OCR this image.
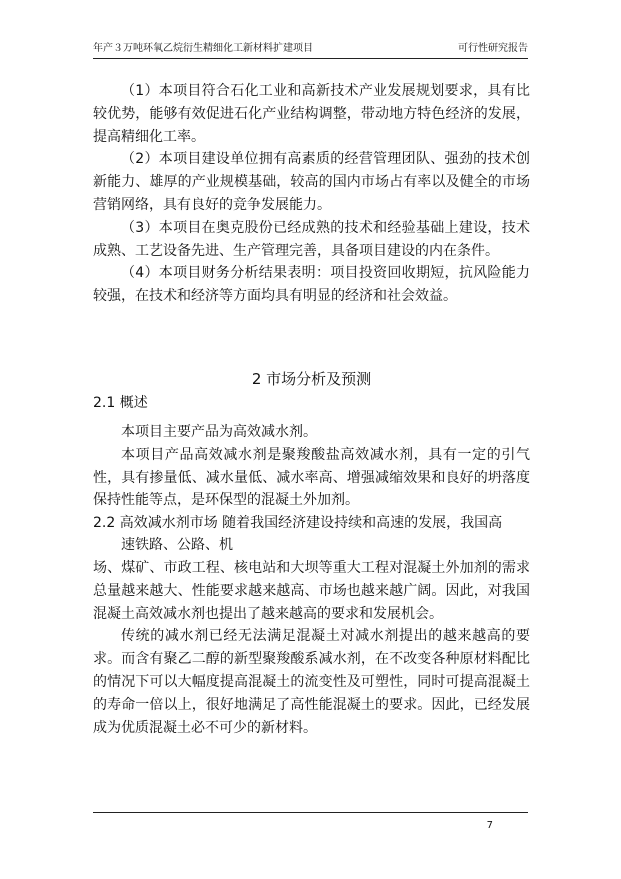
年产３万吨环氧乙烷衍生精细化工新材料扩建项目	可行性研究报告

（1）本项目符合石化工业和高新技术产业发展规划要求，具有比较优势，能够有效促进石化产业结构调整，带动地方特色经济的发展，提高精细化工率。

（2）本项目建设单位拥有高素质的经营管理团队、强劲的技术创新能力、雄厚的产业规模基础，较高的国内市场占有率以及健全的市场营销网络，具有良好的竞争发展能力。

（3）本项目在奥克股份已经成熟的技术和经验基础上建设，技术成熟、工艺设备先进、生产管理完善，具备项目建设的内在条件。

（4）本项目财务分析结果表明：项目投资回收期短，抗风险能力较强，在技术和经济等方面均具有明显的经济和社会效益。

2 市场分析及预测
2.1 概述

本项目主要产品为高效减水剂。

本项目产品高效减水剂是聚羧酸盐高效减水剂，具有一定的引气性，具有掺量低、减水量低、减水率高、增强减缩效果和良好的坍落度保持性能等点，是环保型的混凝土外加剂。

2.2 高效减水剂市场 随着我国经济建设持续和高速的发展，我国高
速铁路、公路、机

场、煤矿、市政工程、核电站和大坝等重大工程对混凝土外加剂的需求总量越来越大、性能要求越来越高、市场也越来越广阔。因此，对我国混凝土高效减水剂也提出了越来越高的要求和发展机会。

传统的减水剂已经无法满足混凝土对减水剂提出的越来越高的要求。而含有聚乙二醇的新型聚羧酸系减水剂，在不改变各种原材料配比的情况下可以大幅度提高混凝土的流变性及可塑性，同时可提高混凝土的寿命一倍以上，很好地满足了高性能混凝土的要求。因此，已经发展成为优质混凝土必不可少的新材料。

7
